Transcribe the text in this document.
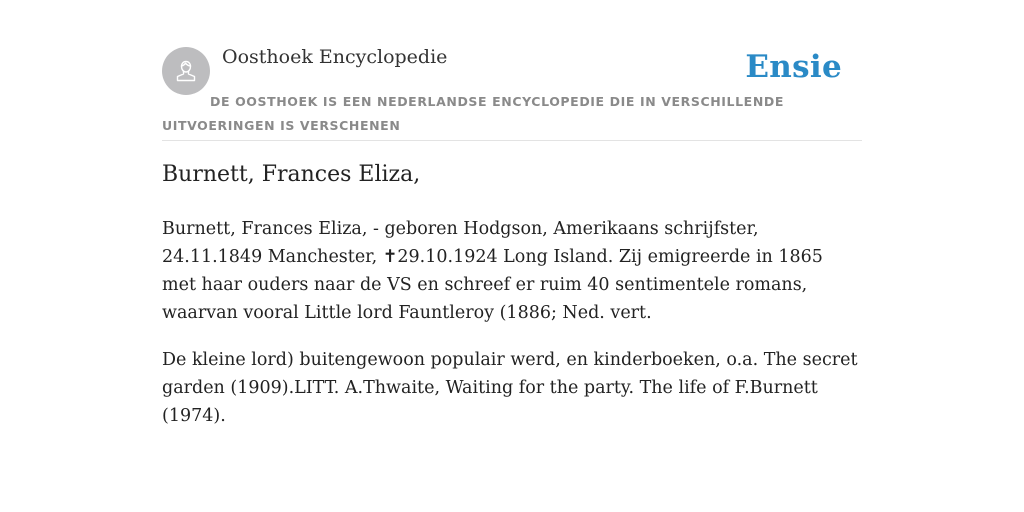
Oosthoek Encyclopedie	Ensie
DE OOSTHOEK IS EEN NEDERLANDSE ENCYCLOPEDIE DIE IN VERSCHILLENDE UITVOERINGEN IS VERSCHENEN
Burnett, Frances Eliza,

Burnett, Frances Eliza, - geboren Hodgson, Amerikaans schrijfster, 24.11.1849 Manchester, ✝29.10.1924 Long Island. Zij emigreerde in 1865 met haar ouders naar de VS en schreef er ruim 40 sentimentele romans, waarvan vooral Little lord Fauntleroy (1886; Ned. vert.

De kleine lord) buitengewoon populair werd, en kinderboeken, o.a. The secret garden (1909).LITT. A.Thwaite, Waiting for the party. The life of F.Burnett (1974).
